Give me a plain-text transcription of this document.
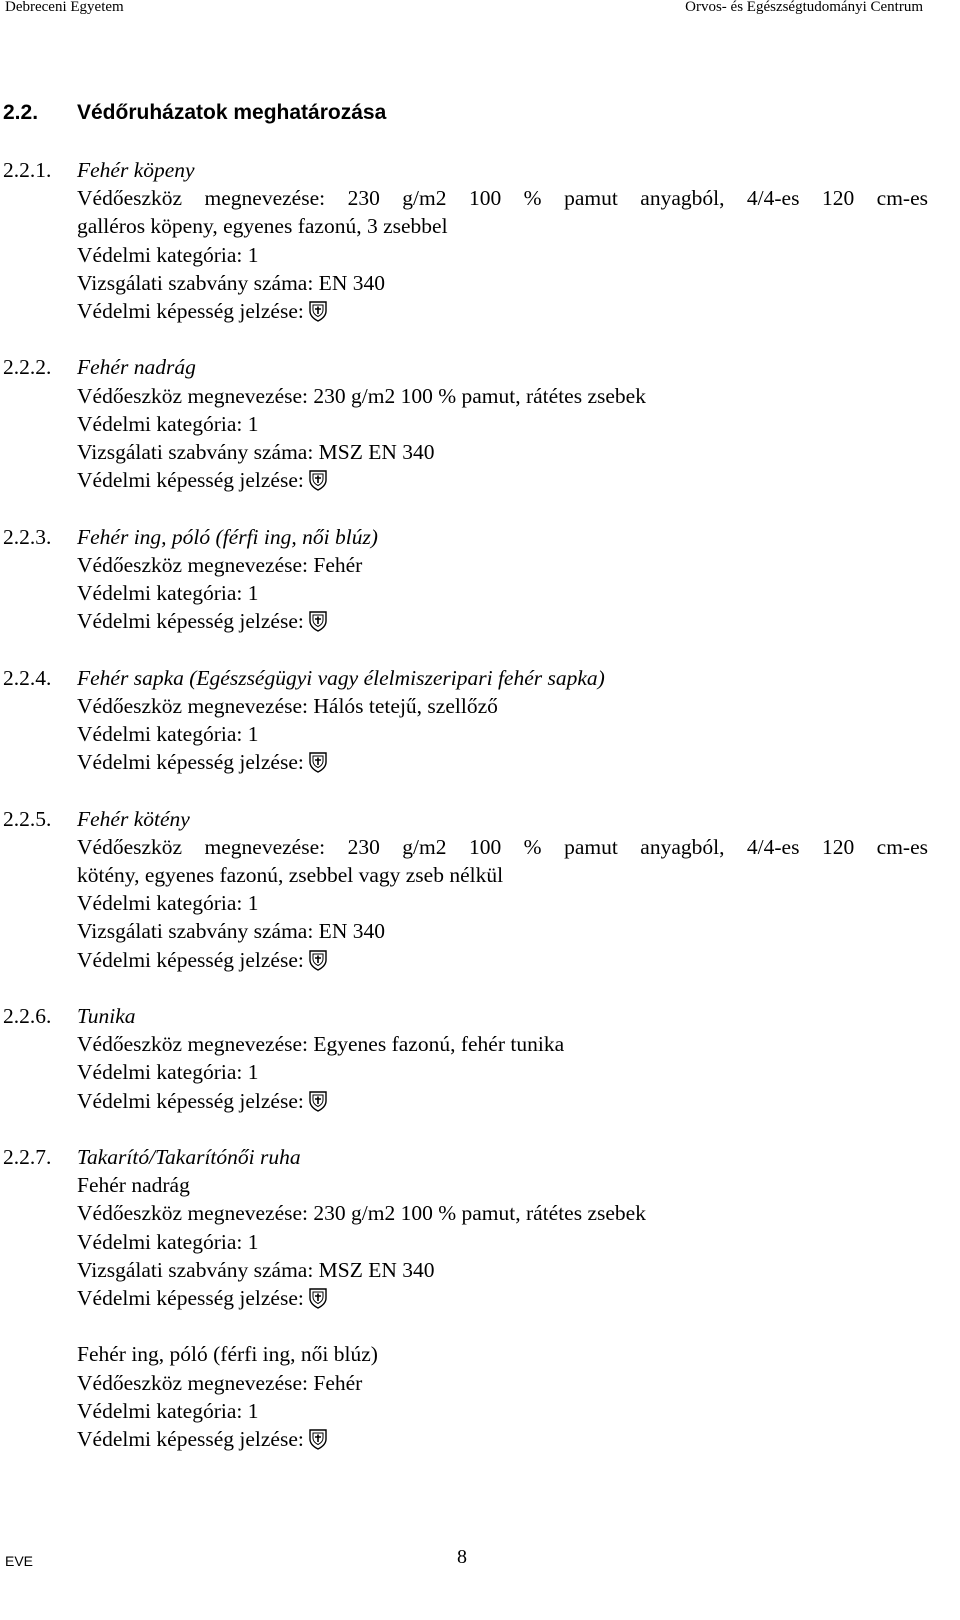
Debreceni Egyetem	Orvos- és Egészségtudományi Centrum
2.2. Védőruházatok meghatározása
2.2.1.	Fehér köpeny
Védőeszköz megnevezése: 230 g/m2 100 % pamut anyagból, 4/4-es 120 cm-es
galléros köpeny, egyenes fazonú, 3 zsebbel
Védelmi kategória: 1
Vizsgálati szabvány száma: EN 340
Védelmi képesség jelzése:
2.2.2.	Fehér nadrág
Védőeszköz megnevezése: 230 g/m2 100 % pamut, rátétes zsebek
Védelmi kategória: 1
Vizsgálati szabvány száma: MSZ EN 340
Védelmi képesség jelzése:
2.2.3.	Fehér ing, póló (férfi ing, női blúz)
Védőeszköz megnevezése: Fehér
Védelmi kategória: 1
Védelmi képesség jelzése:
2.2.4.	Fehér sapka (Egészségügyi vagy élelmiszeripari fehér sapka)
Védőeszköz megnevezése: Hálós tetejű, szellőző
Védelmi kategória: 1
Védelmi képesség jelzése:
2.2.5.	Fehér kötény
Védőeszköz megnevezése: 230 g/m2 100 % pamut anyagból, 4/4-es 120 cm-es
kötény, egyenes fazonú, zsebbel vagy zseb nélkül
Védelmi kategória: 1
Vizsgálati szabvány száma: EN 340
Védelmi képesség jelzése:
2.2.6.	Tunika
Védőeszköz megnevezése: Egyenes fazonú, fehér tunika
Védelmi kategória: 1
Védelmi képesség jelzése:
2.2.7.	Takarító/Takarítónői ruha
Fehér nadrág
Védőeszköz megnevezése: 230 g/m2 100 % pamut, rátétes zsebek
Védelmi kategória: 1
Vizsgálati szabvány száma: MSZ EN 340
Védelmi képesség jelzése:
Fehér ing, póló (férfi ing, női blúz)
Védőeszköz megnevezése: Fehér
Védelmi kategória: 1
Védelmi képesség jelzése:
EVE	8
